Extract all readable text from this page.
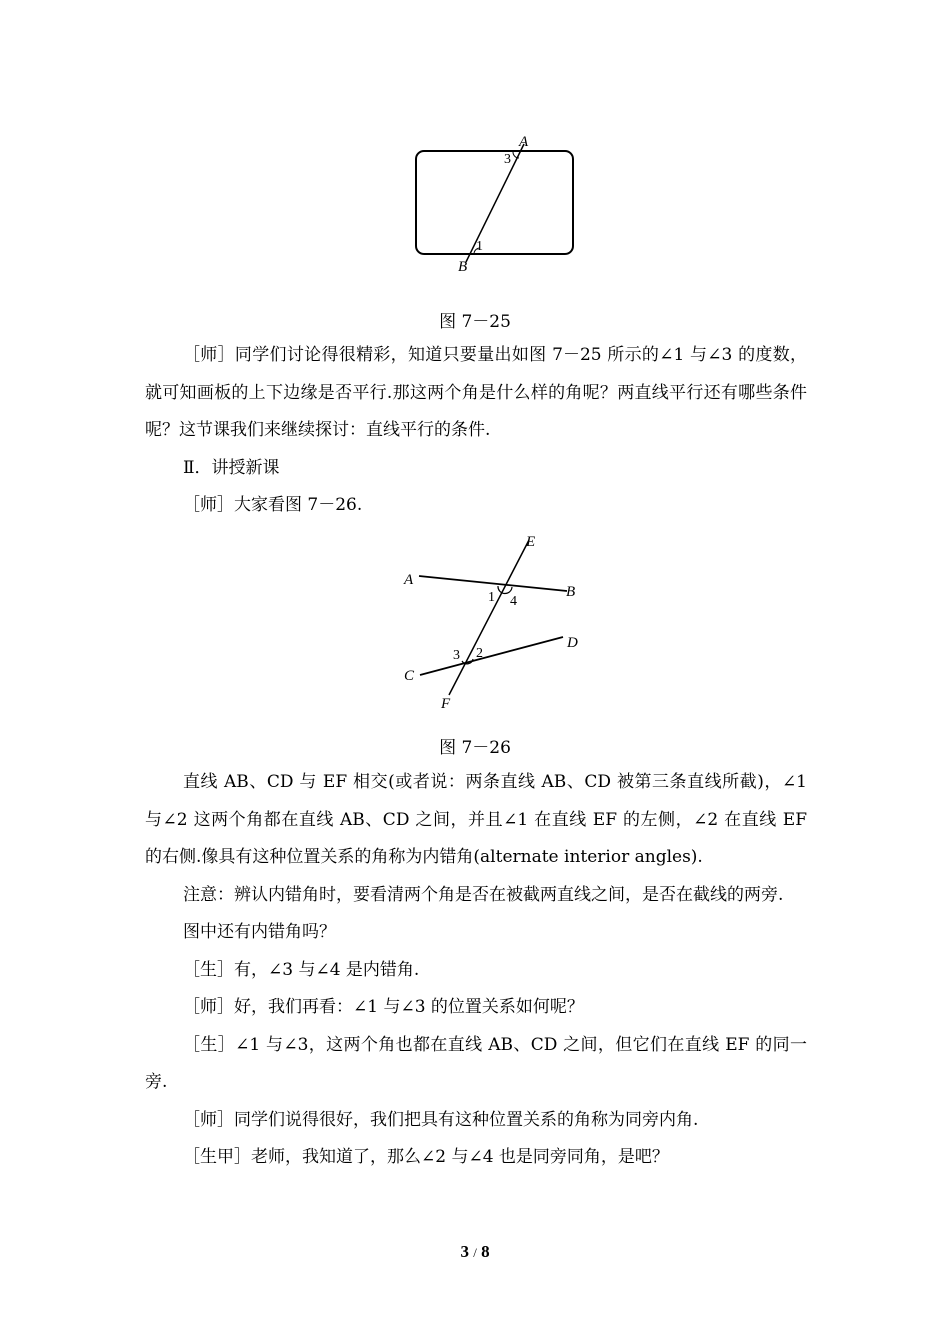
A
B
3
1
图 7－25

［师］同学们讨论得很精彩，知道只要量出如图 7－25 所示的∠1 与∠3 的度数，就可知画板的上下边缘是否平行.那这两个角是什么样的角呢？两直线平行还有哪些条件呢？这节课我们来继续探讨：直线平行的条件.

Ⅱ．讲授新课

［师］大家看图 7－26.

E
A
B
1 4
D
3 2
C
F
图 7－26

直线 AB、CD 与 EF 相交(或者说：两条直线 AB、CD 被第三条直线所截)，∠1 与∠2 这两个角都在直线 AB、CD 之间，并且∠1 在直线 EF 的左侧，∠2 在直线 EF 的右侧.像具有这种位置关系的角称为内错角(alternate interior angles).

注意：辨认内错角时，要看清两个角是否在被截两直线之间，是否在截线的两旁.

图中还有内错角吗？

［生］有，∠3 与∠4 是内错角.

［师］好，我们再看：∠1 与∠3 的位置关系如何呢？

［生］∠1 与∠3，这两个角也都在直线 AB、CD 之间，但它们在直线 EF 的同一旁.

［师］同学们说得很好，我们把具有这种位置关系的角称为同旁内角.

［生甲］老师，我知道了，那么∠2 与∠4 也是同旁同角，是吧？

3 / 8
